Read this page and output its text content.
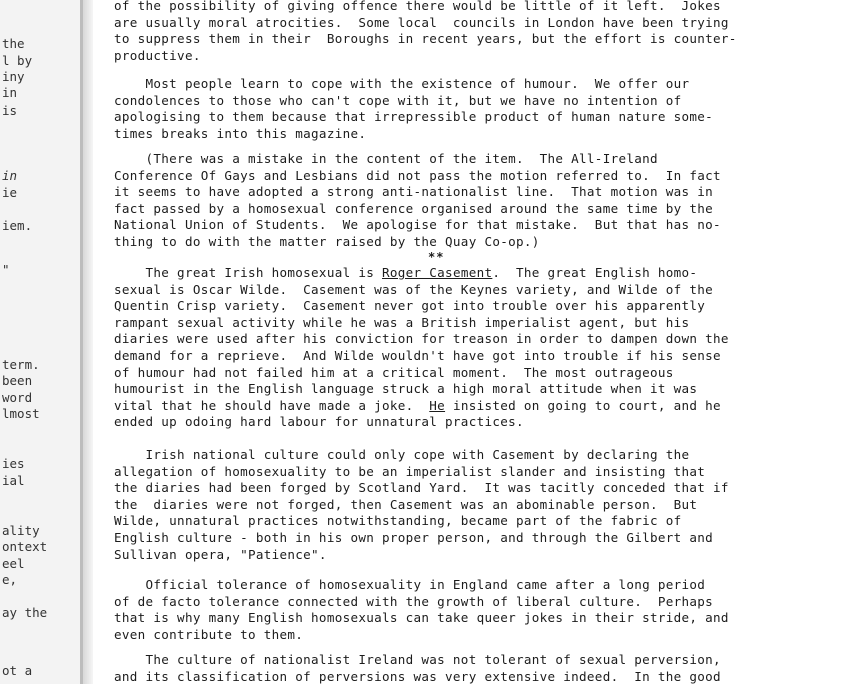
the
l by
iny
in
is
in
ie
iem.
"
term.
been
word
lmost
ies
ial
ality
ontext
eel
e,
ay the
ot a

of the possibility of giving offence there would be little of it left.  Jokes
are usually moral atrocities.  Some local  councils in London have been trying
to suppress them in their  Boroughs in recent years, but the effort is counter-
productive.

Most people learn to cope with the existence of humour.  We offer our
condolences to those who can't cope with it, but we have no intention of
apologising to them because that irrepressible product of human nature some-
times breaks into this magazine.

(There was a mistake in the content of the item.  The All-Ireland
Conference Of Gays and Lesbians did not pass the motion referred to.  In fact
it seems to have adopted a strong anti-nationalist line.  That motion was in
fact passed by a homosexual conference organised around the same time by the
National Union of Students.  We apologise for that mistake.  But that has no-
thing to do with the matter raised by the Quay Co-op.)

**

The great Irish homosexual is Roger Casement.  The great English homo-
sexual is Oscar Wilde.  Casement was of the Keynes variety, and Wilde of the
Quentin Crisp variety.  Casement never got into trouble over his apparently
rampant sexual activity while he was a British imperialist agent, but his
diaries were used after his conviction for treason in order to dampen down the
demand for a reprieve.  And Wilde wouldn't have got into trouble if his sense
of humour had not failed him at a critical moment.  The most outrageous
humourist in the English language struck a high moral attitude when it was
vital that he should have made a joke.  He insisted on going to court, and he
ended up odoing hard labour for unnatural practices.

Irish national culture could only cope with Casement by declaring the
allegation of homosexuality to be an imperialist slander and insisting that
the diaries had been forged by Scotland Yard.  It was tacitly conceded that if
the  diaries were not forged, then Casement was an abominable person.  But
Wilde, unnatural practices notwithstanding, became part of the fabric of
English culture - both in his own proper person, and through the Gilbert and
Sullivan opera, "Patience".

Official tolerance of homosexuality in England came after a long period
of de facto tolerance connected with the growth of liberal culture.  Perhaps
that is why many English homosexuals can take queer jokes in their stride, and
even contribute to them.

The culture of nationalist Ireland was not tolerant of sexual perversion,
and its classification of perversions was very extensive indeed.  In the good
